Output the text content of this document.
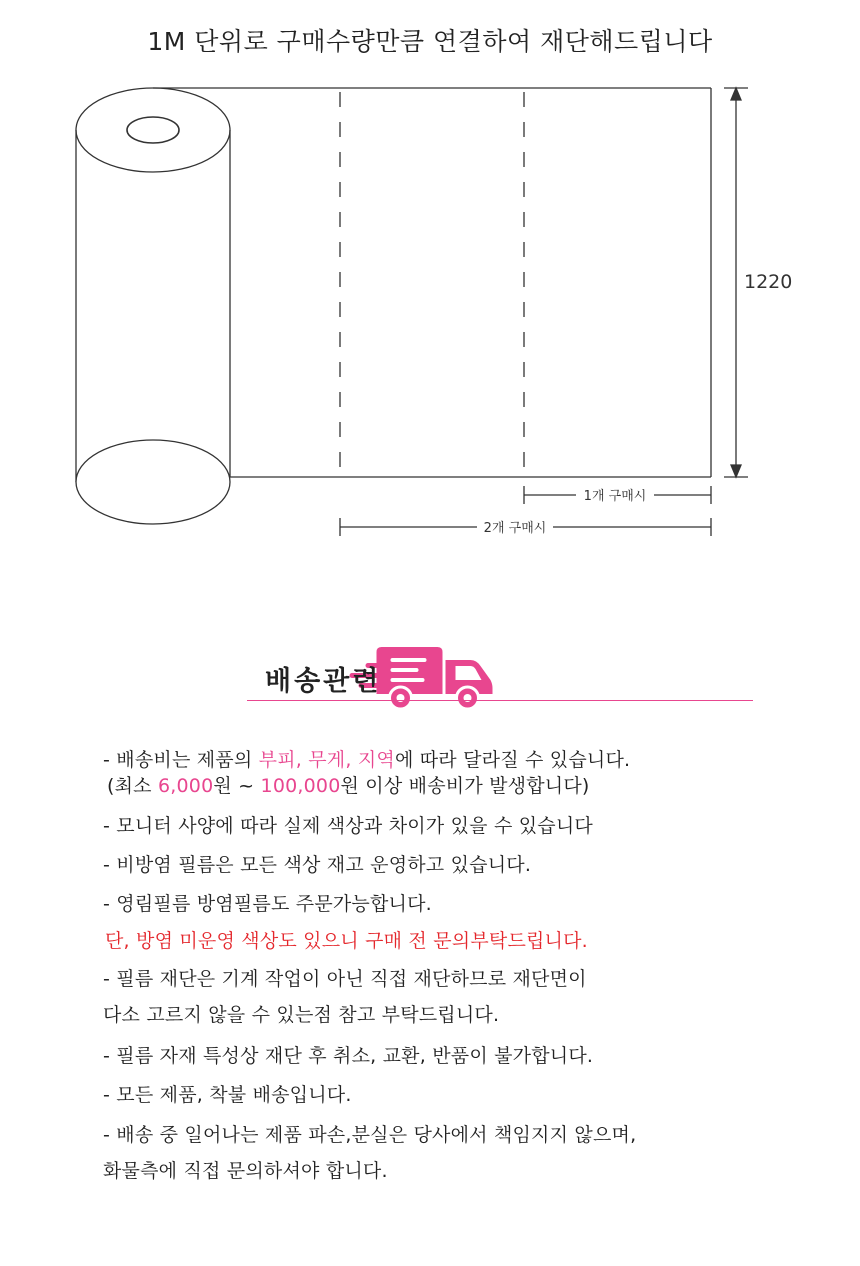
1M 단위로 구매수량만큼 연결하여 재단해드립니다
1220
1개 구매시
2개 구매시
배송관련
- 배송비는 제품의 부피, 무게, 지역에 따라 달라질 수 있습니다.
(최소 6,000원 ~ 100,000원 이상 배송비가 발생합니다)
- 모니터 사양에 따라 실제 색상과 차이가 있을 수 있습니다
- 비방염 필름은 모든 색상 재고 운영하고 있습니다.
- 영림필름 방염필름도 주문가능합니다.
단, 방염 미운영 색상도 있으니 구매 전 문의부탁드립니다.
- 필름 재단은 기계 작업이 아닌 직접 재단하므로 재단면이
다소 고르지 않을 수 있는점 참고 부탁드립니다.
- 필름 자재 특성상 재단 후 취소, 교환, 반품이 불가합니다.
- 모든 제품, 착불 배송입니다.
- 배송 중 일어나는 제품 파손,분실은 당사에서 책임지지 않으며,
화물측에 직접 문의하셔야 합니다.
